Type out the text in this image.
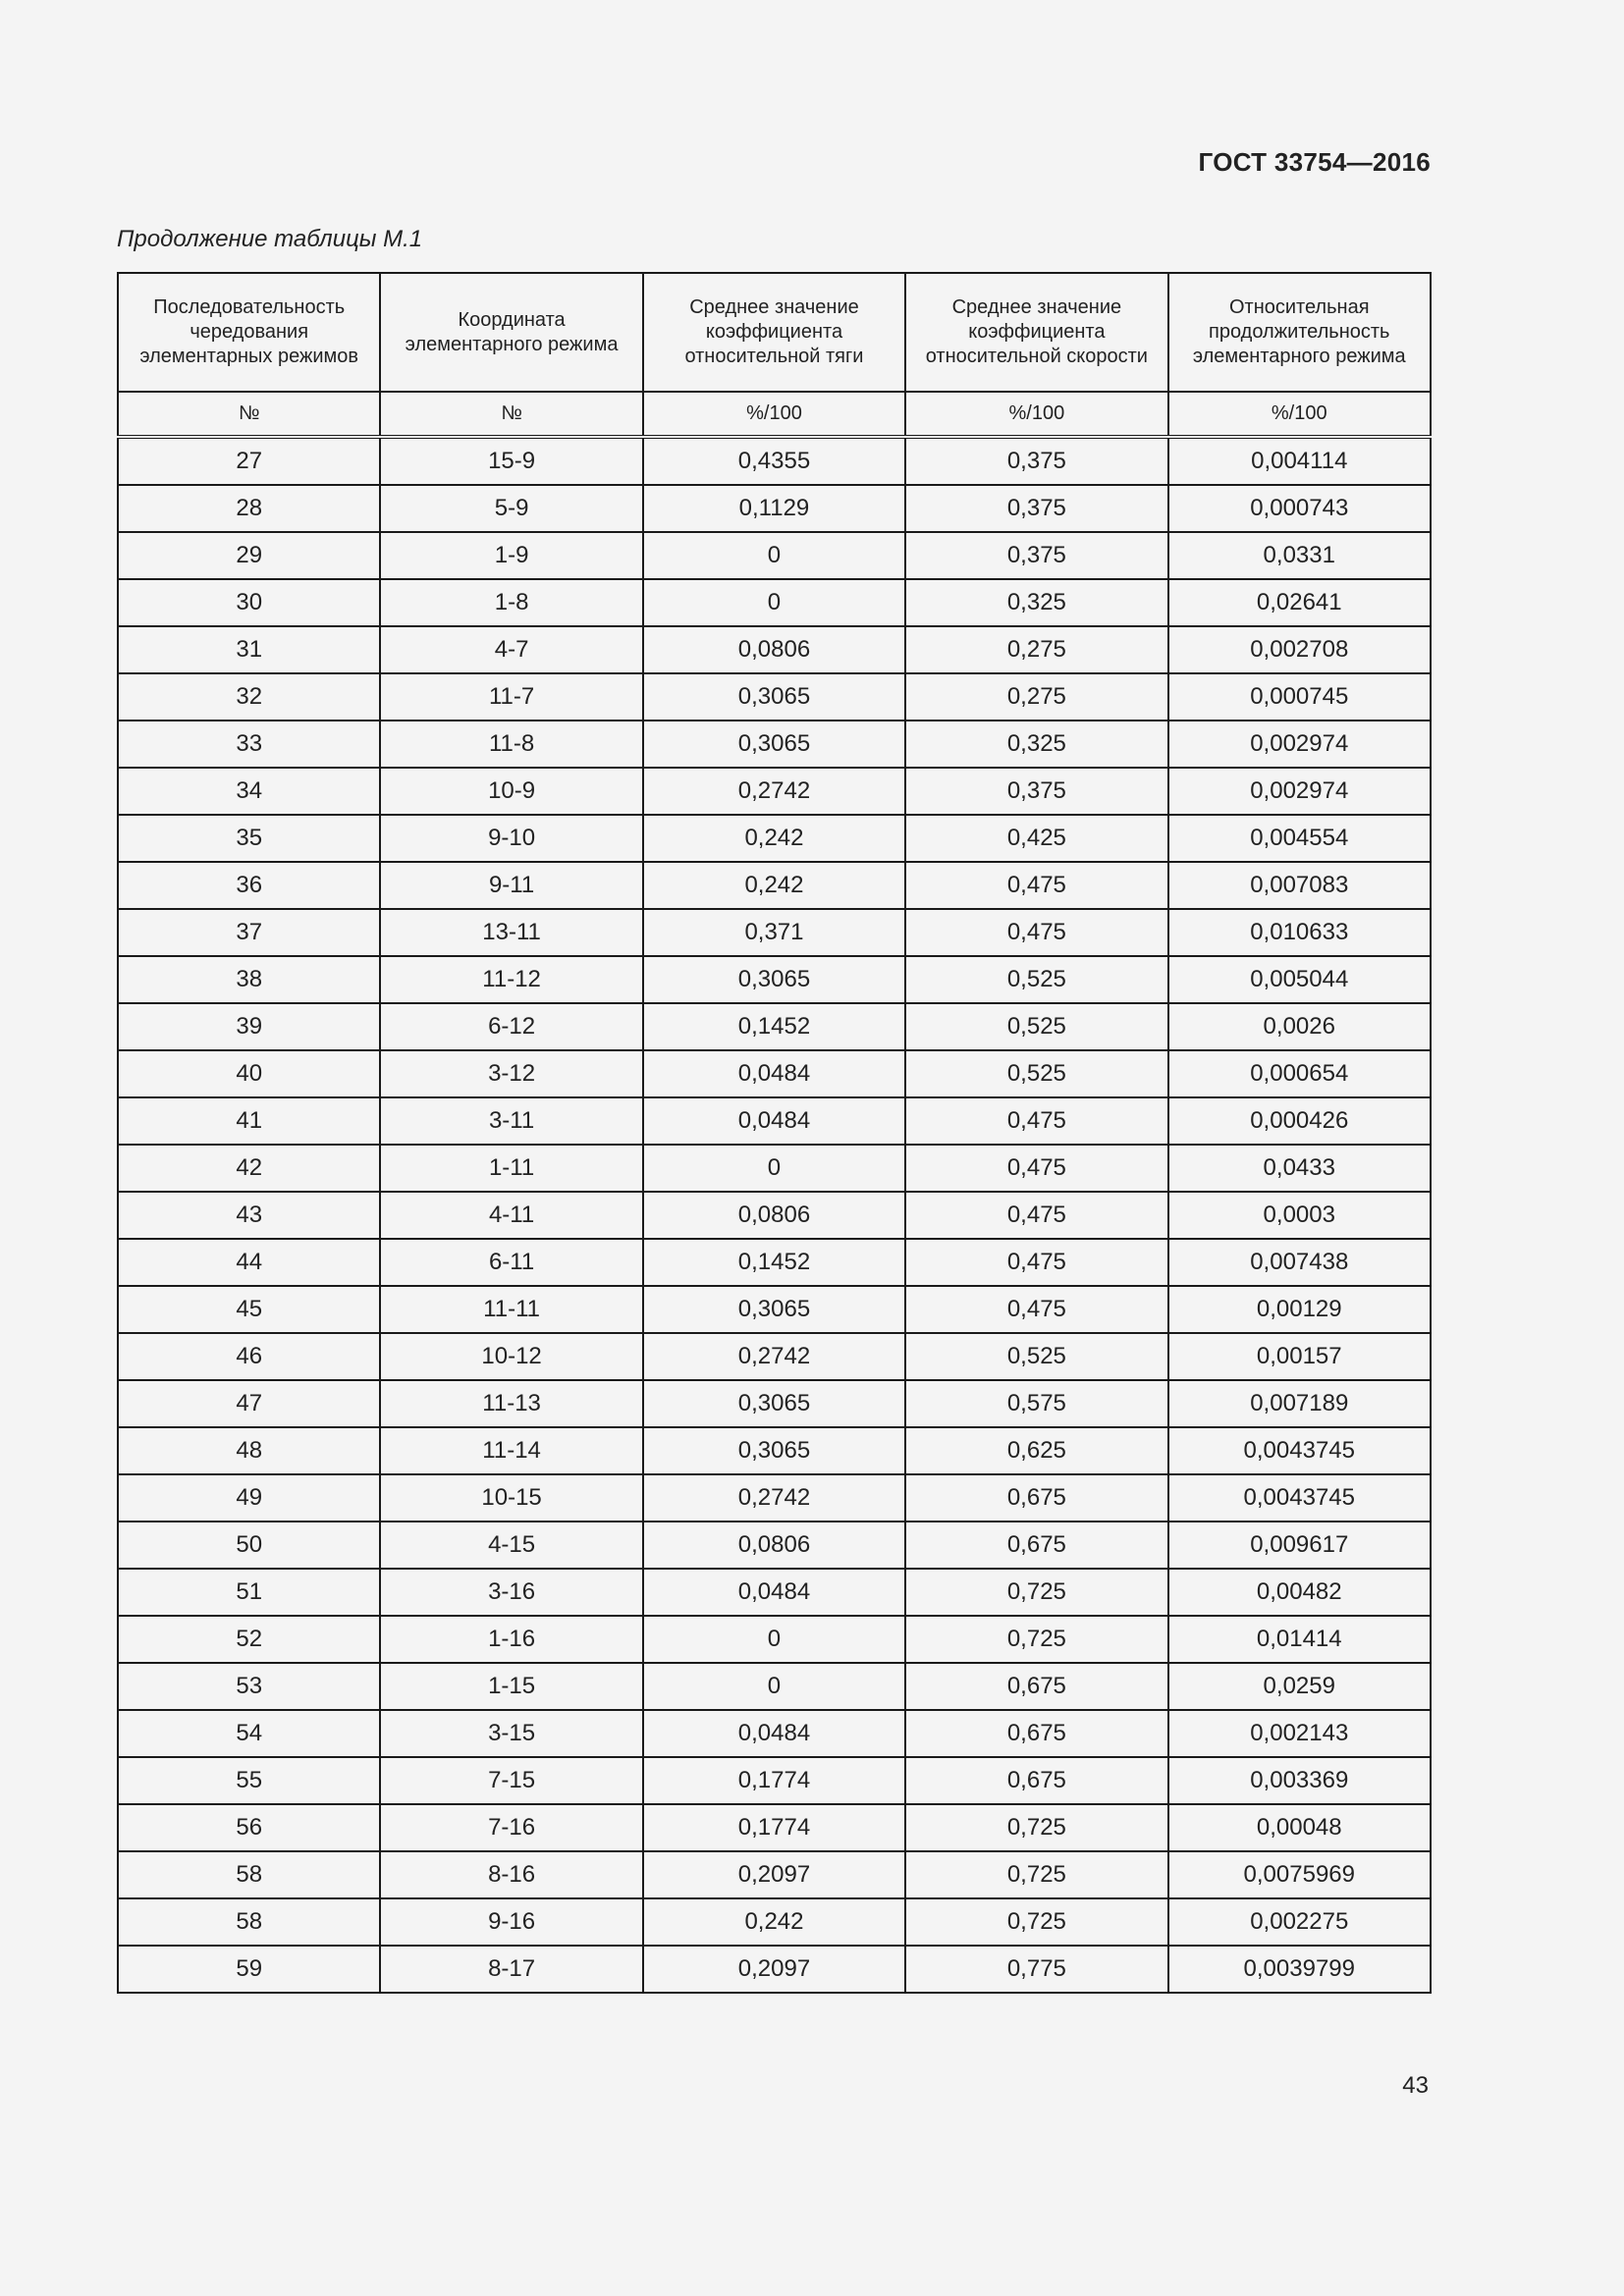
ГОСТ 33754—2016
Продолжение таблицы М.1
Последовательность чередования элементарных режимов	Координата элементарного режима	Среднее значение коэффициента относительной тяги	Среднее значение коэффициента относительной скорости	Относительная продолжительность элементарного режима
№	№	%/100	%/100	%/100
27	15-9	0,4355	0,375	0,004114
28	5-9	0,1129	0,375	0,000743
29	1-9	0	0,375	0,0331
30	1-8	0	0,325	0,02641
31	4-7	0,0806	0,275	0,002708
32	11-7	0,3065	0,275	0,000745
33	11-8	0,3065	0,325	0,002974
34	10-9	0,2742	0,375	0,002974
35	9-10	0,242	0,425	0,004554
36	9-11	0,242	0,475	0,007083
37	13-11	0,371	0,475	0,010633
38	11-12	0,3065	0,525	0,005044
39	6-12	0,1452	0,525	0,0026
40	3-12	0,0484	0,525	0,000654
41	3-11	0,0484	0,475	0,000426
42	1-11	0	0,475	0,0433
43	4-11	0,0806	0,475	0,0003
44	6-11	0,1452	0,475	0,007438
45	11-11	0,3065	0,475	0,00129
46	10-12	0,2742	0,525	0,00157
47	11-13	0,3065	0,575	0,007189
48	11-14	0,3065	0,625	0,0043745
49	10-15	0,2742	0,675	0,0043745
50	4-15	0,0806	0,675	0,009617
51	3-16	0,0484	0,725	0,00482
52	1-16	0	0,725	0,01414
53	1-15	0	0,675	0,0259
54	3-15	0,0484	0,675	0,002143
55	7-15	0,1774	0,675	0,003369
56	7-16	0,1774	0,725	0,00048
58	8-16	0,2097	0,725	0,0075969
58	9-16	0,242	0,725	0,002275
59	8-17	0,2097	0,775	0,0039799
43
